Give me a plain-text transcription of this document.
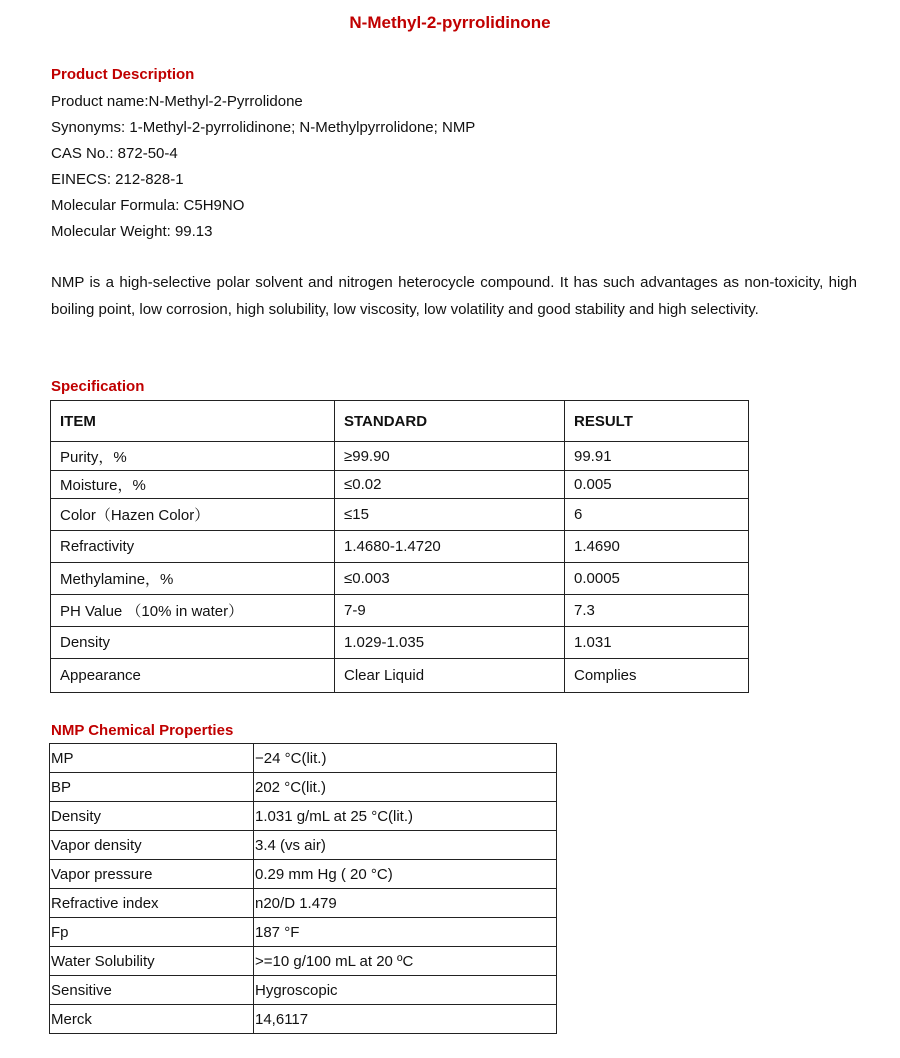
N-Methyl-2-pyrrolidinone
Product Description
Product name:N-Methyl-2-Pyrrolidone
Synonyms: 1-Methyl-2-pyrrolidinone; N-Methylpyrrolidone; NMP
CAS No.: 872-50-4
EINECS: 212-828-1
Molecular Formula: C5H9NO
Molecular Weight: 99.13
NMP is a high-selective polar solvent and nitrogen heterocycle compound. It has such advantages as non-toxicity, high boiling point, low corrosion, high solubility, low viscosity, low volatility and good stability and high selectivity.
Specification
ITEM	STANDARD	RESULT
Purity，%	≥99.90	99.91
Moisture，%	≤0.02	0.005
Color（Hazen Color）	≤15	6
Refractivity	1.4680-1.4720	1.4690
Methylamine，%	≤0.003	0.0005
PH Value （10% in water）	7-9	7.3
Density	1.029-1.035	1.031
Appearance	Clear Liquid	Complies
NMP Chemical Properties
MP	−24 °C(lit.)
BP	202 °C(lit.)
Density	1.031 g/mL at 25 °C(lit.)
Vapor density	3.4 (vs air)
Vapor pressure	0.29 mm Hg ( 20 °C)
Refractive index	n20/D 1.479
Fp	187 °F
Water Solubility	>=10 g/100 mL at 20 ºC
Sensitive	Hygroscopic
Merck	14,6117
